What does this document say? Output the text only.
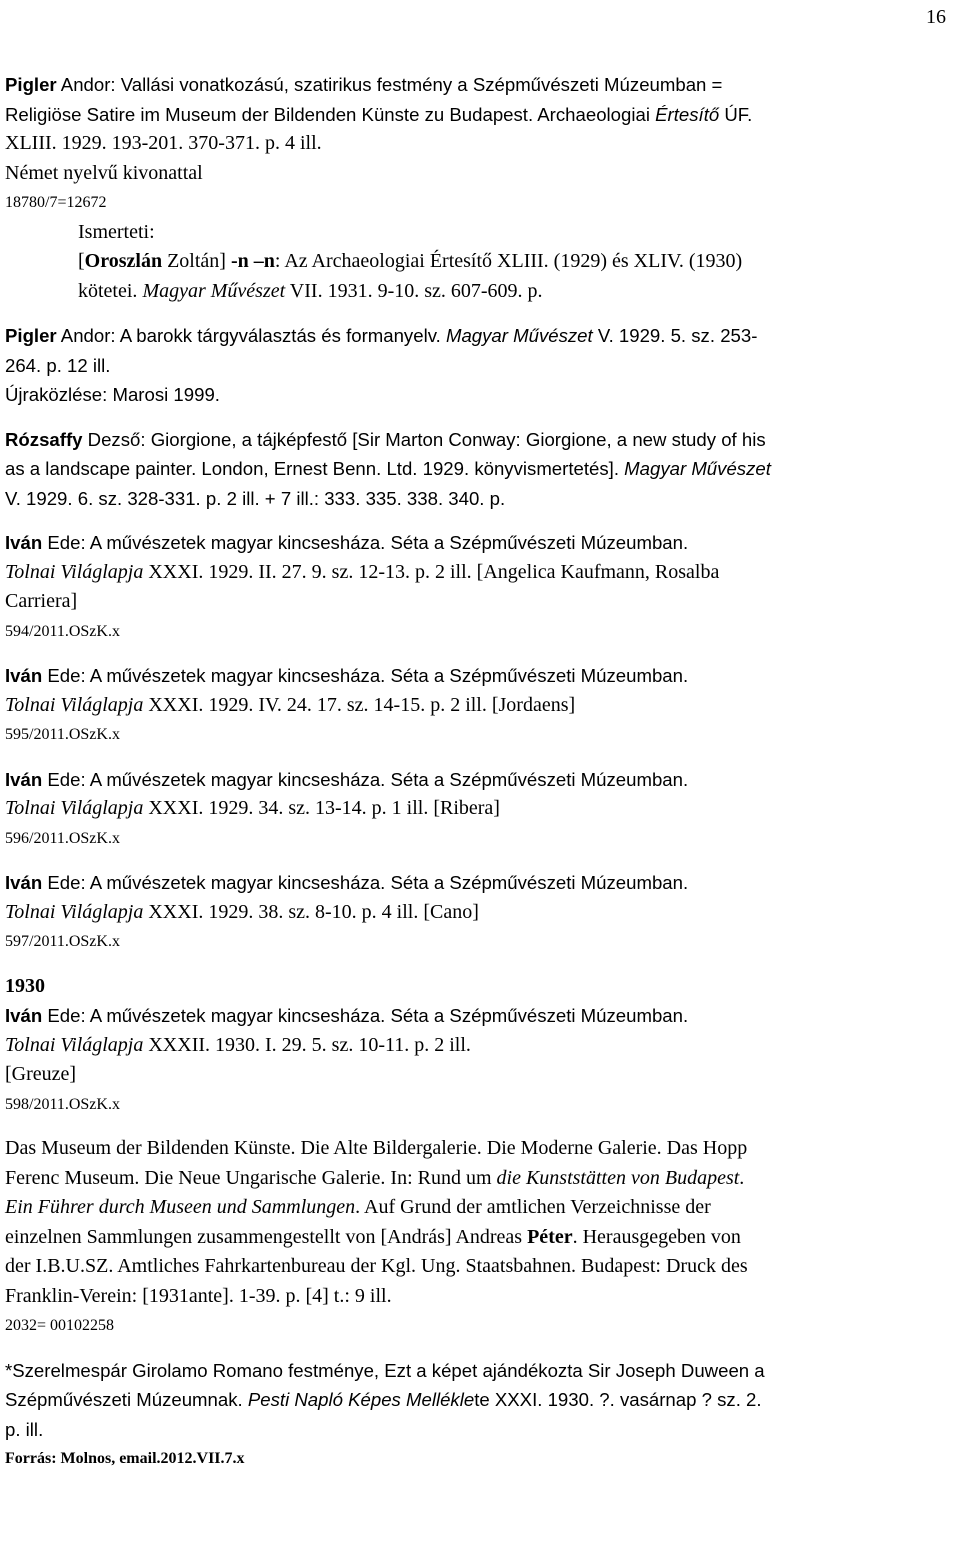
16
Pigler Andor: Vallási vonatkozású, szatirikus festmény a Szépművészeti Múzeumban =
Religiöse Satire im Museum der Bildenden Künste zu Budapest. Archaeologiai Értesítő ÚF.
XLIII. 1929. 193-201. 370-371. p. 4 ill.
Német nyelvű kivonattal
18780/7=12672
Ismerteti:
[Oroszlán Zoltán] -n –n: Az Archaeologiai Értesítő XLIII. (1929) és XLIV. (1930)
kötetei. Magyar Művészet VII. 1931. 9-10. sz. 607-609. p.
Pigler Andor: A barokk tárgyválasztás és formanyelv. Magyar Művészet V. 1929. 5. sz. 253-
264. p. 12 ill.
Újraközlése: Marosi 1999.
Rózsaffy Dezső: Giorgione, a tájképfestő [Sir Marton Conway: Giorgione, a new study of his
as a landscape painter. London, Ernest Benn. Ltd. 1929. könyvismertetés]. Magyar Művészet
V. 1929. 6. sz. 328-331. p. 2 ill. + 7 ill.: 333. 335. 338. 340. p.
Iván Ede: A művészetek magyar kincsesháza. Séta a Szépművészeti Múzeumban.
Tolnai Világlapja XXXI. 1929. II. 27. 9. sz. 12-13. p. 2 ill. [Angelica Kaufmann, Rosalba
Carriera]
594/2011.OSzK.x
Iván Ede: A művészetek magyar kincsesháza. Séta a Szépművészeti Múzeumban.
Tolnai Világlapja XXXI. 1929. IV. 24. 17. sz. 14-15. p. 2 ill. [Jordaens]
595/2011.OSzK.x
Iván Ede: A művészetek magyar kincsesháza. Séta a Szépművészeti Múzeumban.
Tolnai Világlapja XXXI. 1929. 34. sz. 13-14. p. 1 ill. [Ribera]
596/2011.OSzK.x
Iván Ede: A művészetek magyar kincsesháza. Séta a Szépművészeti Múzeumban.
Tolnai Világlapja XXXI. 1929. 38. sz. 8-10. p. 4 ill. [Cano]
597/2011.OSzK.x
1930
Iván Ede: A művészetek magyar kincsesháza. Séta a Szépművészeti Múzeumban.
Tolnai Világlapja XXXII. 1930. I. 29. 5. sz. 10-11. p. 2 ill.
[Greuze]
598/2011.OSzK.x
Das Museum der Bildenden Künste. Die Alte Bildergalerie. Die Moderne Galerie. Das Hopp
Ferenc Museum. Die Neue Ungarische Galerie. In: Rund um die Kunststätten von Budapest.
Ein Führer durch Museen und Sammlungen. Auf Grund der amtlichen Verzeichnisse der
einzelnen Sammlungen zusammengestellt von [András] Andreas Péter. Herausgegeben von
der I.B.U.SZ. Amtliches Fahrkartenbureau der Kgl. Ung. Staatsbahnen. Budapest: Druck des
Franklin-Verein: [1931ante]. 1-39. p. [4] t.: 9 ill.
2032= 00102258
*Szerelmespár Girolamo Romano festménye, Ezt a képet ajándékozta Sir Joseph Duween a
Szépművészeti Múzeumnak. Pesti Napló Képes Melléklete XXXI. 1930. ?. vasárnap ? sz. 2.
p. ill.
Forrás: Molnos, email.2012.VII.7.x
